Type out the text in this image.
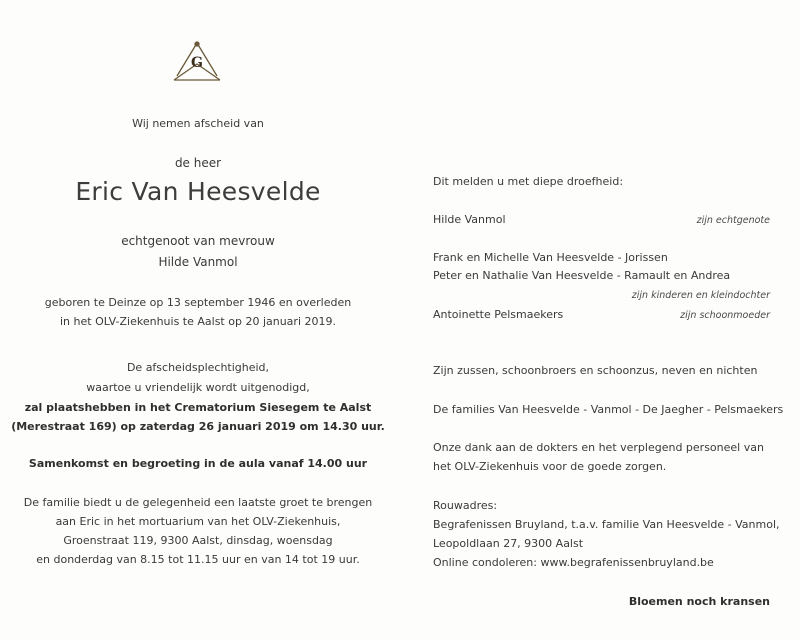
G
Wij nemen afscheid van
de heer
Eric Van Heesvelde
echtgenoot van mevrouw
Hilde Vanmol
geboren te Deinze op 13 september 1946 en overleden
in het OLV-Ziekenhuis te Aalst op 20 januari 2019.
De afscheidsplechtigheid,
waartoe u vriendelijk wordt uitgenodigd,
zal plaatshebben in het Crematorium Siesegem te Aalst
(Merestraat 169) op zaterdag 26 januari 2019 om 14.30 uur.
Samenkomst en begroeting in de aula vanaf 14.00 uur
De familie biedt u de gelegenheid een laatste groet te brengen
aan Eric in het mortuarium van het OLV-Ziekenhuis,
Groenstraat 119, 9300 Aalst, dinsdag, woensdag
en donderdag van 8.15 tot 11.15 uur en van 14 tot 19 uur.
Dit melden u met diepe droefheid:
Hilde Vanmol	zijn echtgenote
Frank en Michelle Van Heesvelde - Jorissen
Peter en Nathalie Van Heesvelde - Ramault en Andrea
zijn kinderen en kleindochter
Antoinette Pelsmaekers	zijn schoonmoeder
Zijn zussen, schoonbroers en schoonzus, neven en nichten
De families Van Heesvelde - Vanmol - De Jaegher - Pelsmaekers
Onze dank aan de dokters en het verplegend personeel van
het OLV-Ziekenhuis voor de goede zorgen.
Rouwadres:
Begrafenissen Bruyland, t.a.v. familie Van Heesvelde - Vanmol,
Leopoldlaan 27, 9300 Aalst
Online condoleren: www.begrafenissenbruyland.be
Bloemen noch kransen
